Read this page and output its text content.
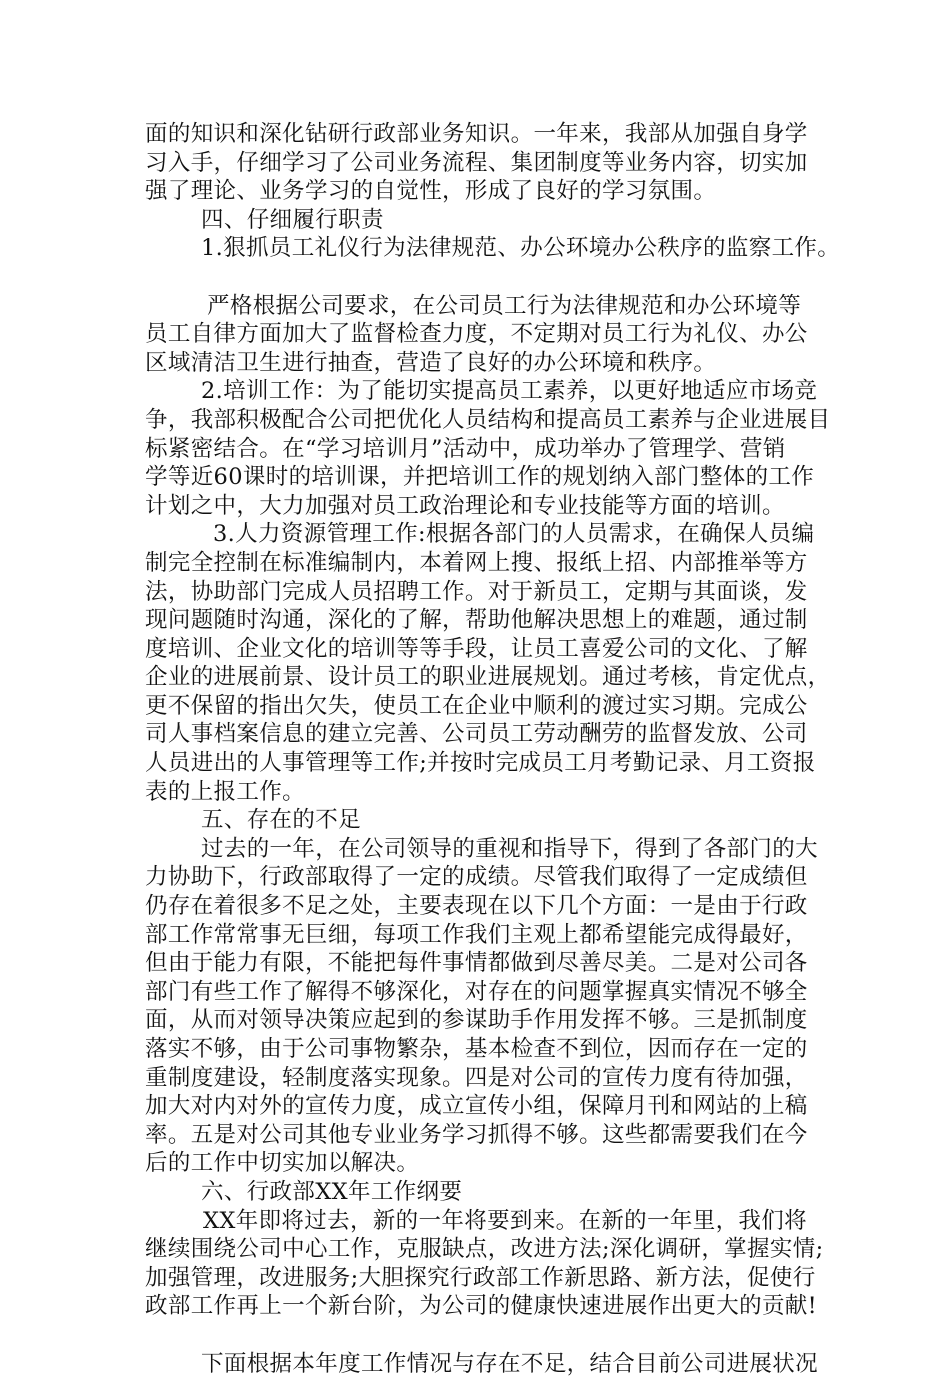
面的知识和深化钻研行政部业务知识。一年来，我部从加强自身学
习入手，仔细学习了公司业务流程、集团制度等业务内容，切实加
强了理论、业务学习的自觉性，形成了良好的学习氛围。
四、仔细履行职责
1.狠抓员工礼仪行为法律规范、办公环境办公秩序的监察工作。
严格根据公司要求，在公司员工行为法律规范和办公环境等
员工自律方面加大了监督检查力度，不定期对员工行为礼仪、办公
区域清洁卫生进行抽查，营造了良好的办公环境和秩序。
2.培训工作：为了能切实提高员工素养，以更好地适应市场竞
争，我部积极配合公司把优化人员结构和提高员工素养与企业进展目
标紧密结合。在“学习培训月”活动中，成功举办了管理学、营销
学等近60课时的培训课，并把培训工作的规划纳入部门整体的工作
计划之中，大力加强对员工政治理论和专业技能等方面的培训。
3.人力资源管理工作:根据各部门的人员需求，在确保人员编
制完全控制在标准编制内，本着网上搜、报纸上招、内部推举等方
法，协助部门完成人员招聘工作。对于新员工，定期与其面谈，发
现问题随时沟通，深化的了解，帮助他解决思想上的难题，通过制
度培训、企业文化的培训等等手段，让员工喜爱公司的文化、了解
企业的进展前景、设计员工的职业进展规划。通过考核，肯定优点，
更不保留的指出欠失，使员工在企业中顺利的渡过实习期。完成公
司人事档案信息的建立完善、公司员工劳动酬劳的监督发放、公司
人员进出的人事管理等工作;并按时完成员工月考勤记录、月工资报
表的上报工作。
五、存在的不足
过去的一年，在公司领导的重视和指导下，得到了各部门的大
力协助下，行政部取得了一定的成绩。尽管我们取得了一定成绩但
仍存在着很多不足之处，主要表现在以下几个方面：一是由于行政
部工作常常事无巨细，每项工作我们主观上都希望能完成得最好，
但由于能力有限，不能把每件事情都做到尽善尽美。二是对公司各
部门有些工作了解得不够深化，对存在的问题掌握真实情况不够全
面，从而对领导决策应起到的参谋助手作用发挥不够。三是抓制度
落实不够，由于公司事物繁杂，基本检查不到位，因而存在一定的
重制度建设，轻制度落实现象。四是对公司的宣传力度有待加强，
加大对内对外的宣传力度，成立宣传小组，保障月刊和网站的上稿
率。五是对公司其他专业业务学习抓得不够。这些都需要我们在今
后的工作中切实加以解决。
六、行政部XX年工作纲要
XX年即将过去，新的一年将要到来。在新的一年里，我们将
继续围绕公司中心工作，克服缺点，改进方法;深化调研，掌握实情;
加强管理，改进服务;大胆探究行政部工作新思路、新方法，促使行
政部工作再上一个新台阶，为公司的健康快速进展作出更大的贡献!
下面根据本年度工作情况与存在不足，结合目前公司进展状况
